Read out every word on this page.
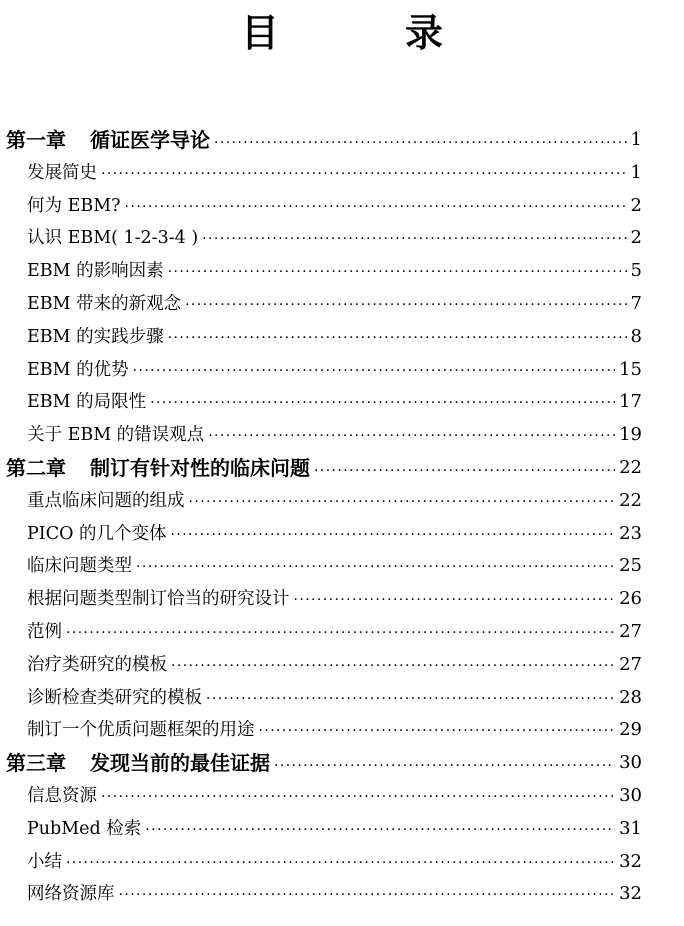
目　录
第一章 循证医学导论 ·····	1
发展简史 ·····	1
何为 EBM? ·····	2
认识 EBM( 1-2-3-4 ) ·····	2
EBM 的影响因素 ·····	5
EBM 带来的新观念 ·····	7
EBM 的实践步骤 ·····	8
EBM 的优势 ·····	15
EBM 的局限性 ·····	17
关于 EBM 的错误观点 ·····	19
第二章 制订有针对性的临床问题 ·····	22
重点临床问题的组成 ·····	22
PICO 的几个变体 ·····	23
临床问题类型 ·····	25
根据问题类型制订恰当的研究设计 ·····	26
范例 ·····	27
治疗类研究的模板 ·····	27
诊断检查类研究的模板 ·····	28
制订一个优质问题框架的用途 ·····	29
第三章 发现当前的最佳证据 ·····	30
信息资源 ·····	30
PubMed 检索 ·····	31
小结 ·····	32
网络资源库 ·····	32
